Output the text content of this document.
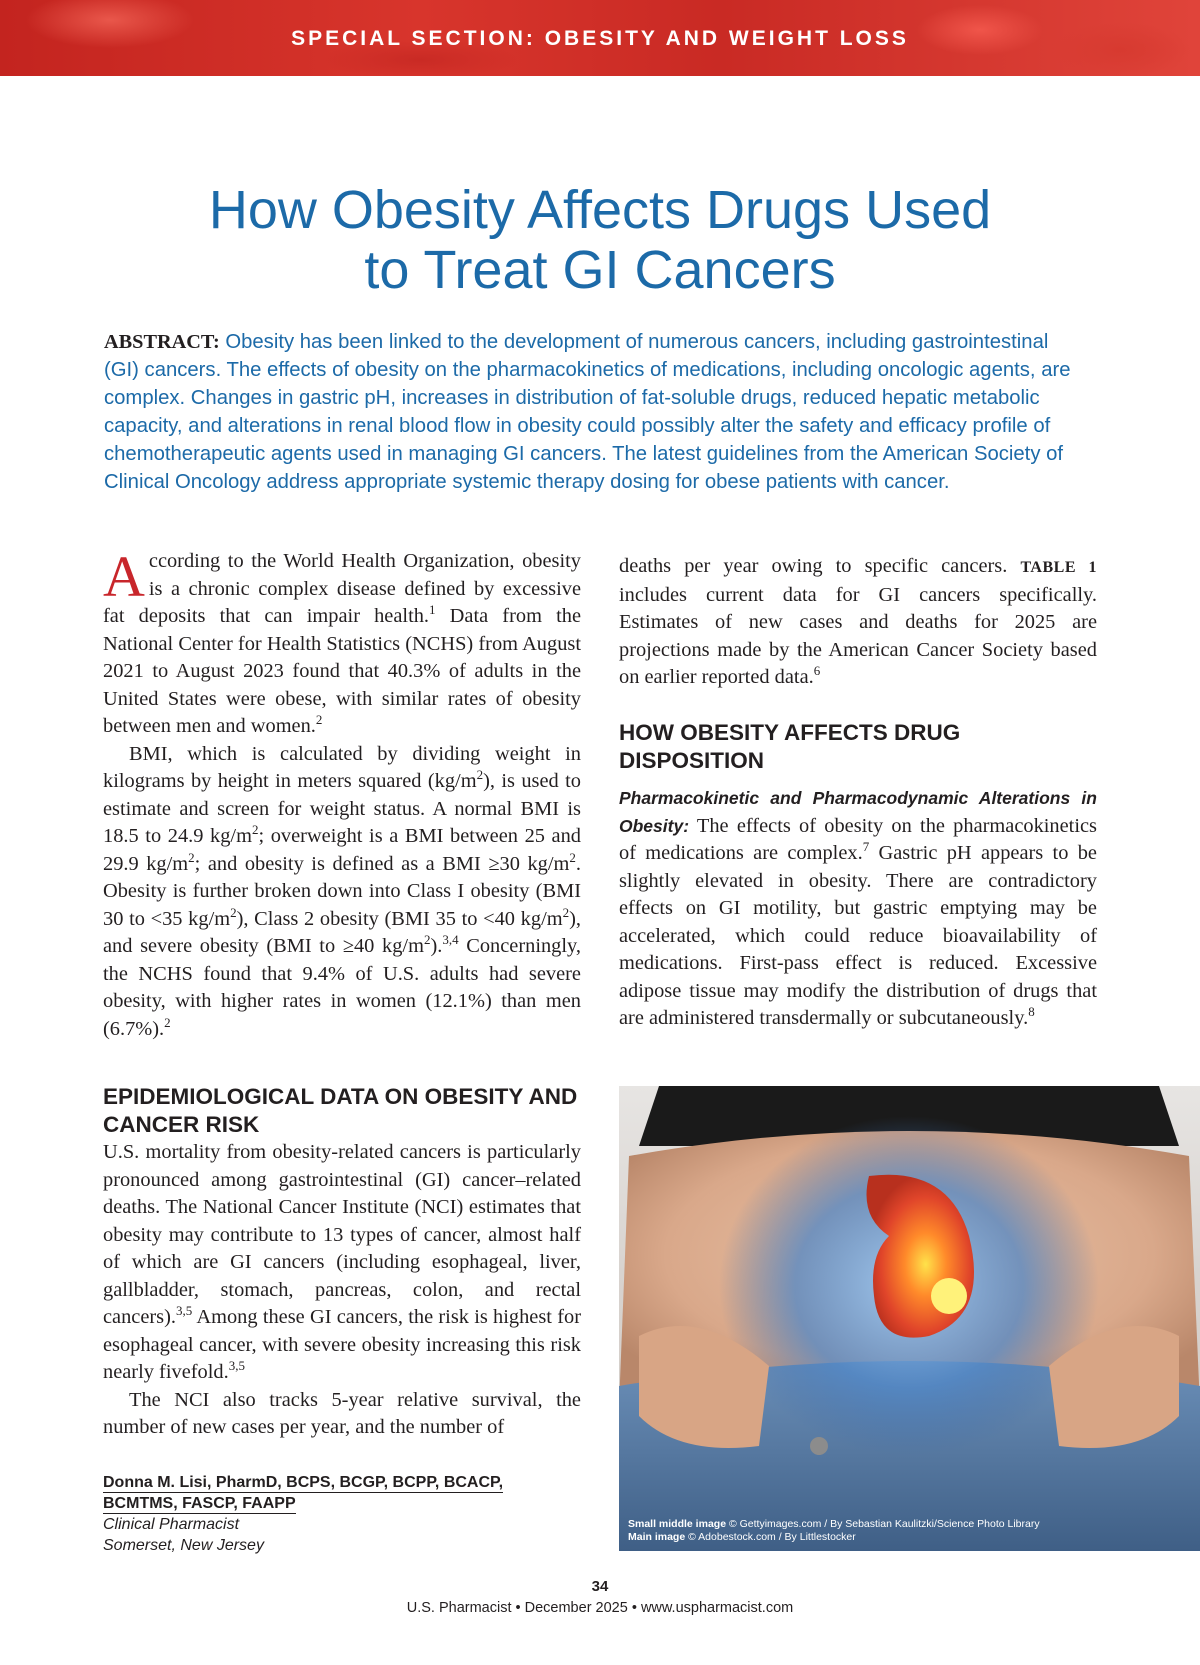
SPECIAL SECTION: OBESITY AND WEIGHT LOSS
How Obesity Affects Drugs Used
to Treat GI Cancers
ABSTRACT: Obesity has been linked to the development of numerous cancers, including gastrointestinal (GI) cancers. The effects of obesity on the pharmacokinetics of medications, including oncologic agents, are complex. Changes in gastric pH, increases in distribution of fat-soluble drugs, reduced hepatic metabolic capacity, and alterations in renal blood flow in obesity could possibly alter the safety and efficacy profile of chemotherapeutic agents used in managing GI cancers. The latest guidelines from the American Society of Clinical Oncology address appropriate systemic therapy dosing for obese patients with cancer.

According to the World Health Organization, obesity is a chronic complex disease defined by excessive fat deposits that can impair health.$^1$ Data from the National Center for Health Statistics (NCHS) from August 2021 to August 2023 found that 40.3% of adults in the United States were obese, with similar rates of obesity between men and women.$^2$

BMI, which is calculated by dividing weight in kilograms by height in meters squared $(kg/m^2)$, is used to estimate and screen for weight status. A normal BMI is 18.5 to 24.9 $kg/m^2$; overweight is a BMI between 25 and 29.9 $kg/m^2$; and obesity is defined as a BMI ≥30 $kg/m^2$. Obesity is further broken down into Class I obesity (BMI 30 to <35 $kg/m^2$), Class 2 obesity (BMI 35 to <40 $kg/m^2$), and severe obesity (BMI to ≥40 $kg/m^2).^{3,4}$ Concerningly, the NCHS found that 9.4% of U.S. adults had severe obesity, with higher rates in women (12.1%) than men (6.7%).$^2$

EPIDEMIOLOGICAL DATA ON OBESITY AND CANCER RISK

U.S. mortality from obesity-related cancers is particularly pronounced among gastrointestinal (GI) cancer–related deaths. The National Cancer Institute (NCI) estimates that obesity may contribute to 13 types of cancer, almost half of which are GI cancers (including esophageal, liver, gallbladder, stomach, pancreas, colon, and rectal cancers).$^{3,5}$ Among these GI cancers, the risk is highest for esophageal cancer, with severe obesity increasing this risk nearly fivefold.$^{3,5}$

The NCI also tracks 5-year relative survival, the number of new cases per year, and the number of

deaths per year owing to specific cancers. TABLE 1 includes current data for GI cancers specifically. Estimates of new cases and deaths for 2025 are projections made by the American Cancer Society based on earlier reported data.$^6$

HOW OBESITY AFFECTS DRUG DISPOSITION

Pharmacokinetic and Pharmacodynamic Alterations in Obesity: The effects of obesity on the pharmacokinetics of medications are complex.$^7$ Gastric pH appears to be slightly elevated in obesity. There are contradictory effects on GI motility, but gastric emptying may be accelerated, which could reduce bioavailability of medications. First-pass effect is reduced. Excessive adipose tissue may modify the distribution of drugs that are administered transdermally or subcutaneously.$^8$

Small middle image © Gettyimages.com / By Sebastian Kaulitzki/Science Photo Library
Main image © Adobestock.com / By Littlestocker
Donna M. Lisi, PharmD, BCPS, BCGP, BCPP, BCACP,
BCMTMS, FASCP, FAAPP
Clinical Pharmacist
Somerset, New Jersey
34
U.S. Pharmacist • December 2025 • www.uspharmacist.com
